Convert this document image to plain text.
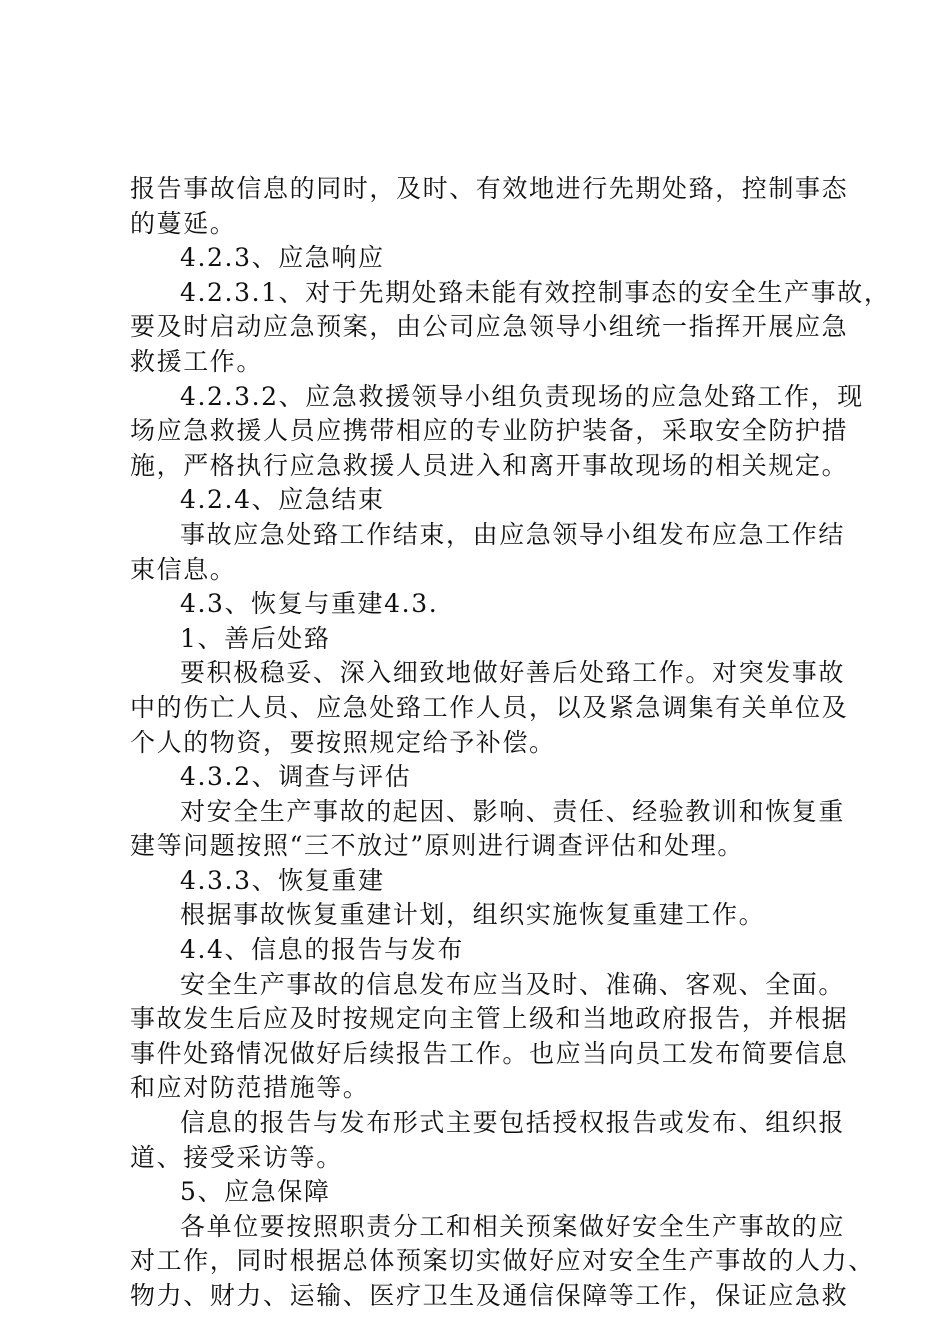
报告事故信息的同时，及时、有效地进行先期处臵，控制事态
的蔓延。
4.2.3、应急响应
4.2.3.1、对于先期处臵未能有效控制事态的安全生产事故，
要及时启动应急预案，由公司应急领导小组统一指挥开展应急
救援工作。
4.2.3.2、应急救援领导小组负责现场的应急处臵工作，现
场应急救援人员应携带相应的专业防护装备，采取安全防护措
施，严格执行应急救援人员进入和离开事故现场的相关规定。
4.2.4、应急结束
事故应急处臵工作结束，由应急领导小组发布应急工作结
束信息。
4.3、恢复与重建4.3.
1、善后处臵
要积极稳妥、深入细致地做好善后处臵工作。对突发事故
中的伤亡人员、应急处臵工作人员，以及紧急调集有关单位及
个人的物资，要按照规定给予补偿。
4.3.2、调查与评估
对安全生产事故的起因、影响、责任、经验教训和恢复重
建等问题按照“三不放过”原则进行调查评估和处理。
4.3.3、恢复重建
根据事故恢复重建计划，组织实施恢复重建工作。
4.4、信息的报告与发布
安全生产事故的信息发布应当及时、准确、客观、全面。
事故发生后应及时按规定向主管上级和当地政府报告，并根据
事件处臵情况做好后续报告工作。也应当向员工发布简要信息
和应对防范措施等。
信息的报告与发布形式主要包括授权报告或发布、组织报
道、接受采访等。
5、应急保障
各单位要按照职责分工和相关预案做好安全生产事故的应
对工作，同时根据总体预案切实做好应对安全生产事故的人力、
物力、财力、运输、医疗卫生及通信保障等工作，保证应急救
